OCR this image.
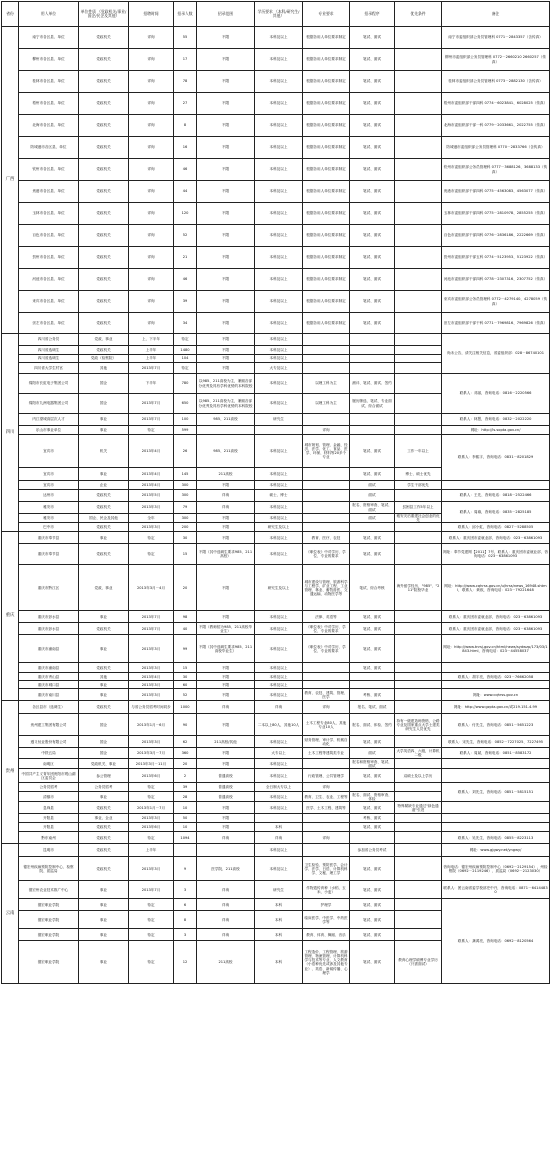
省份	用人单位	单位性质 （党政机关/事业/国企/民企及其他）	招聘时间	招录人数	招录范围	学历要求 （本科/研究生/其他）	专业要求	招录程序	优先条件	备注
广西	南宁市各区县、单位	党政机关	详询	55	不限	本科及以上	根据各用人单位要求制定	笔试、面试		南宁市委组织部公务员管理科 0771－2843357（含传真）
	柳州市各区县、单位	党政机关	详询	17	不限	本科及以上	根据各用人单位要求制定	笔试、面试		柳州市委组织部公务员管理科 0772－2660210 2660257（传真）
	桂林市各区县、单位	党政机关	详询	78	不限	本科及以上	根据各用人单位要求制定	笔试、面试		桂林市委组织部公务员管理科 0773－2882130（含传真）
	梧州市各区县、单位	党政机关	详询	27	不限	本科及以上	根据各用人单位要求制定	笔试、面试		梧州市委组织部干部四科 0774－6023841、6028025（传真）
	北海市各区县、单位	党政机关	详询	8	不限	本科及以上	根据各用人单位要求制定	笔试、面试		北海市委组织部干部一科 0779－2033661、2022755（传真）
	防城港市各区县、单位	党政机关	详询	16	不限	本科及以上	根据各用人单位要求制定	笔试、面试		防城港市委组织部公务员管理科 0770－2833766（含传真）
	钦州市各区县、单位	党政机关	详询	46	不限	本科及以上	根据各用人单位要求制定	笔试、面试		钦州市委组织部公务员管理科 0777－3688126、3688133（传真）
	贵港市各区县、单位	党政机关	详询	44	不限	本科及以上	根据各用人单位要求制定	笔试、面试		贵港市委组织部干部四科 0775－4563083、4563077（传真）
	玉林市各区县、单位	党政机关	详询	120	不限	本科及以上	根据各用人单位要求制定	笔试、面试		玉林市委组织部干部四科 0775－2810978、2855255（传真）
	百色市各区县、单位	党政机关	详询	52	不限	本科及以上	根据各用人单位要求制定	笔试、面试		百色市委组织部干部四科 0776－2836186、2222669（传真）
	贺州市各区县、单位	党政机关	详询	21	不限	本科及以上	根据各用人单位要求制定	笔试、面试		贺州市委组织部干部五科 0774－5123953、5123922（传真）
	河池市各区县、单位	党政机关	详询	46	不限	本科及以上	根据各用人单位要求制定	笔试、面试		河池市委组织部干部四科 0778－2307316、2307752（传真）
	来宾市各区县、单位	党政机关	详询	39	不限	本科及以上	根据各用人单位要求制定	笔试、面试		来宾市委组织部公务员管理科 0772－4279140、4278059（传真）
	崇左市各区县、单位	党政机关	详询	34	不限	本科及以上	根据各用人单位要求制定	笔试、面试		崇左市委组织部干部干科 0771－7969816、7969826（传真）
四川	四川省公务员	党政、事业	上、下半年	待定	不限	本科及以上				尚未公告，请关注相关信息，省委组织部：028－86740101
	四川省选调生	党政机关	上半年	1480	不限	本科及以上				
	四川省选调生	党政（检察院）	上半年	104	不限	本科及以上				
	四川省大学生村官	其他	2013年7月	待定	不限	大专及以上				
	绵阳市长虹电子集团公司	国企	下半年	780	以985、211高校为主，兼顾各部分优秀及具有学科优势的本科院校	本科及以上	以理工科为主	测评、笔试、面试、签约		联系人：邓丽，咨询电话：0816－2220566
	绵阳市九洲电器集团公司	国企	2013年7月	650	以985、211高校为主，兼顾各部分优秀及具有学科优势的本科院校	本科及以上	以理工科为主	履历筛选、笔试、专业面试、综合面试		
	内江望城高层次人才	事业	2013年7月	100	985、211高校	研究生				联系人：林慧，咨询电话：0832－2022220
	乐山市事业单位	事业	待定	599			详询			网址：http://ls.sopta.gov.cn/
	宜宾市	机关	2013年4月	26	985、211高校	本科及以上	城市规划、管理、金融、经济、法学、化工、食品、医学、环保、材料等20多个专业	笔试、面试	工作一年以上	联系人：李熙宇，咨询电话：0831－8201829
	宜宾市	事业	2013年4月	145	211高校	本科及以上		笔试、面试	博士、硕士优先	
	宜宾市	企业	2013年4月	300	不限	本科及以上		面试	学生干部优先	
	达州市	党政机关	2013年5月	300	详询	硕士、博士		面试		联系人：王先、咨询电话：0818－2522466
	雅安市	党政机关	2013年3月	79	详询	本科及以上		报名、资格审查、笔试、面试	贫困县工作5年以上	联系人：周瑜，咨询电话：0835－2825185
	雅安市	国企、民企及其他	全年	300	不限	本科及以上		面试	雅安灾后重建社会创业的优先	
	巴中市	党政机关	2013年3月	200	不限	研究生及以上				联系人：邱小虹，咨询电话：0827－5288505
重庆	重庆市奉节县	事业	待定	30	不限	本科及以上	教育、医疗、农技	笔试、面试		联系人：重庆团市委就业部，咨询电话：023－63861093
	重庆市奉节县	党政机关	待定	15	不限（其中选调生要求985、211高校）	本科及以上	《职位表》中对学历、学位、专业的要求	笔试、面试		网址：奉节党建网【2011】7号，联系人：重庆团市委就业部，咨询电话：023－63861093
	重庆市黔江区	党政、事业	2013年3月－4月	20	不限	研究生及以上	城市建设与管理、旅游科学与工程学、矿业工程、工业管理、林业、畜牧兽医、交通运输、动物医学等	笔试、综合考核	海外留学经历，"985"、"211"院校毕业	网址：http://www.cqhrss.gov.cn/u/hrss/news_16948.shtml，联系人：黄欧，咨询电话：023－79221648
	重庆市彭水县	事业	2013年7月	98	不限	本科及以上	法律、英语等	笔试、面试		联系人：重庆团市委就业部，咨询电话：023－63861093
	重庆市彭水县	党政机关	2013年7月	40	不限（教师招为985、211高校毕业生）	本科及以上	《职位表》中对学历、学位、专业的要求	笔试、面试		联系人：重庆团市委就业部，咨询电话：023－63861093
	重庆市潼南县	事业	2013年3月	99	不限（其中选调生要求985、211高校毕业生）	本科及以上	《职位表》中对学历、学位、专业的要求	笔试、面试		网址：http://www.tnrsj.gov.cn/html/news/sydwzp/173/03/1843.html，咨询电话：023－44558037
	重庆市潼南县	党政机关	2013年3月	15	不限	本科及以上		笔试、面试		
	重庆市秀山县	其他	2013年4月	30	不限	本科及以上				联系人：胡宇亮，咨询电话：023－76662058
	重庆市城口县	事业	2013年3月	60	不限	本科及以上				
	重庆市南川县	事业	2013年3月	52	不限	本科及以上	教育、农技、建筑、管理、医学	考核、面试		网址：www.cqhrss.gov.cn
贵州	各区县市（选调生）	党政机关	与省公务员招考时间同步	1000	详询	详询	详询	报名、笔试、面试		网址：http://www.gzpta.gov.cn/或219.151.4.99
	贵州建工集团有限公司	国企	2013年1月－6月	90	不限	二本以上80人，其他10人	土木工程专业80人，其他专业10人	报名、面试、体检、签约	持有一级建造师资格，公路专业及国家重点大学土建类研究生人员优先	联系人：付先生，咨询电话：0851－5651223
	遵义钛业股份有限公司	国企	2013年3月	62	211高校/其他	本科及以上	财务管理、审计学、机械自动化	笔试、面试		联系人：宋先生，咨询电话：0852－7227025、7227495
	中铁五局	国企	2013年3月－7月	360	不限	大专以上	土木工程等建筑类专业	面试	大学英语四、六级，计算机二级	联系人：周斌，咨询电话：0851－8583172
	南明区	党政机关、事业	2013年3月－11月	20	不限	本科及以上		报名和资格审查、笔试、面试		
	中国共产主义青年团贵阳市观山湖区委员会	参公管理	2013年6月	2	普通高校	本科及以上	行政管理、公共管理学	笔试、面试	双硕士及以上学历	
	公务员招考	公务员招考	待定	39	普通高校	全日制大专以上	详询			联系人：刘先生，咨询电话：0851－5815151
	清镇市	事业	待定	28	普通高校	本科及以上	教育、卫生、农业、工程等	报名、面试、资格审查、体检		
	息烽县	党政机关	2013年1月－7月	10	不限	本科及以上	医学、土木工程、建筑等	笔试、面试	特殊紧缺专业通过"绿色通道"引进	
	开阳县	事业、企业	2013年3月	50	不限			考核、面试		
	开阳县	党政机关	2013年6月	10	不限	本科		笔试、面试		
	黔东南州	党政机关	待定	1094	详询	详询	详询			联系人：吴先生，咨询电话：0855－8223113
云南	昆明市	党政机关	上半年			本科及以上		参加省公务员考试		网址：www.gjgwy.net/yngwy/
	德宏州疾病预防控制中心、检察院、质监局	党政机关	2013年3月	9	医学院、211高校	本科及以上	卫生检验、预防医学、会计学、法学、日语、计算机科学、文秘、理工学	笔试、面试		咨询电话：德宏州疾病预防控制中心（0692－2129154）、州检察院（0692－2119246）、质监局（0692－2123030）
	德宏州农业技术推广中心	事业	2013年7月	3	详询	研究生	作物遗传育种（水稻、玉米、小麦）	笔试、面试		联系人：团云南省委学校部史中升，咨询电话：0871－64144830
	德宏职业学院	事业	待定	6	详询	本科	护理学	笔试、面试		联系人：龚鸿亮，咨询电话：0692－8120564
	德宏职业学院	事业	待定	8	详询	本科	临床医学、中医学、中药医学等	笔试、面试		
	德宏职业学院	事业	待定	3	详询	本科	教育、体育、舞蹈、音乐	笔试、面试		
	德宏职业学院	事业	待定	12	211高校	本科	工程造价、工程管理、旅游管理、物流管理、计算机科学与技术等专业、人文教育（小语种优先或涉及其他专业）、英语、新闻传播、心理学	笔试、面试	教育心理学硕博专业学历（只需面试）	
